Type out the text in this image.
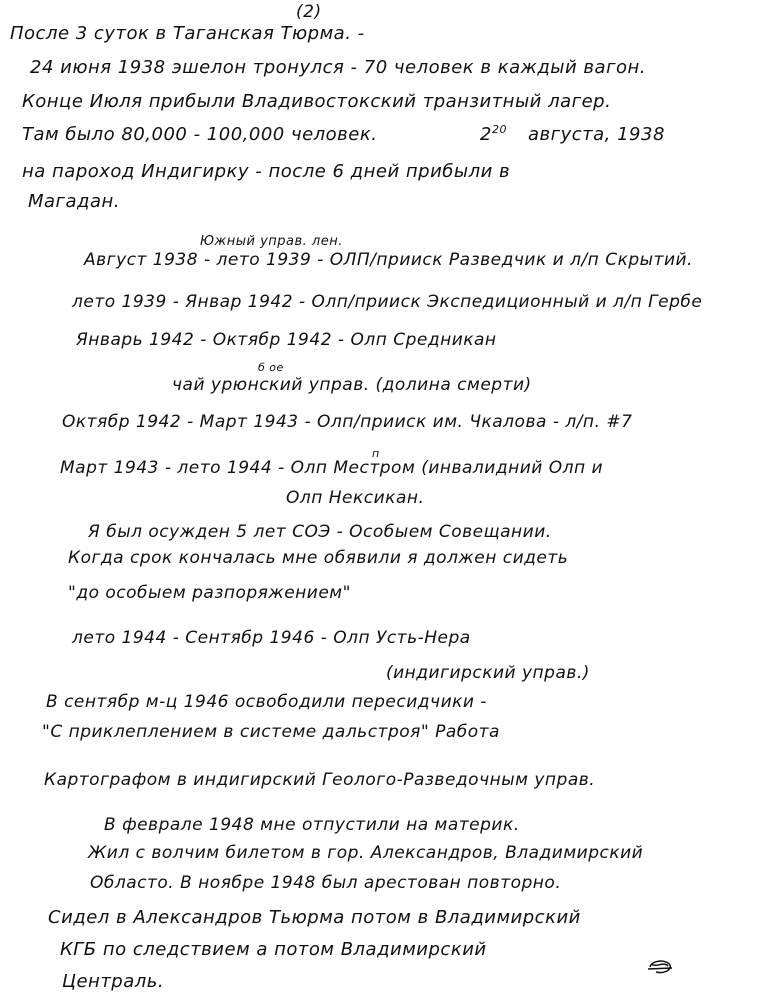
(2)
После 3 суток в Таганская Тюрма. -
24 июня 1938 эшелон тронулся - 70 человек в каждый вагон.
Конце Июля прибыли Владивостокский транзитный лагер.
Там было 80,000 - 100,000 человек.	$2^{20}$ августа, 1938
на пароход Индигирку - после 6 дней прибыли в
Магадан.
Южный управ. лен.
Август 1938 - лето 1939 - ОЛП/прииск Разведчик и л/п Скрытий.
лето 1939 - Январ 1942 - Олп/прииск Экспедиционный и л/п Гербе
Январь 1942 - Октябр 1942 - Олп Средникан
б ое
чай урюнский управ. (долина смерти)
Октябр 1942 - Март 1943 - Олп/прииск им. Чкалова - л/п. #7
п
Март 1943 - лето 1944 - Олп Местром (инвалидний Олп и
Олп Нексикан.
Я был осужден 5 лет СОЭ - Особыем Совещании.
Когда срок кончалась мне обявили я должен сидеть
"до особыем разпоряжением"
лето 1944 - Сентябр 1946 - Олп Усть-Нера
(индигирский управ.)
В сентябр м-ц 1946 освободили пересидчики -
"С приклеплением в системе дальстроя" Работа
Картографом в индигирский Геолого-Разведочным управ.
В феврале 1948 мне отпустили на материк.
Жил с волчим билетом в гор. Александров, Владимирский
Областо. В ноябре 1948 был арестован повторно.
Сидел в Александров Тьюрма потом в Владимирский
КГБ по следствием а потом Владимирский
Централь.
